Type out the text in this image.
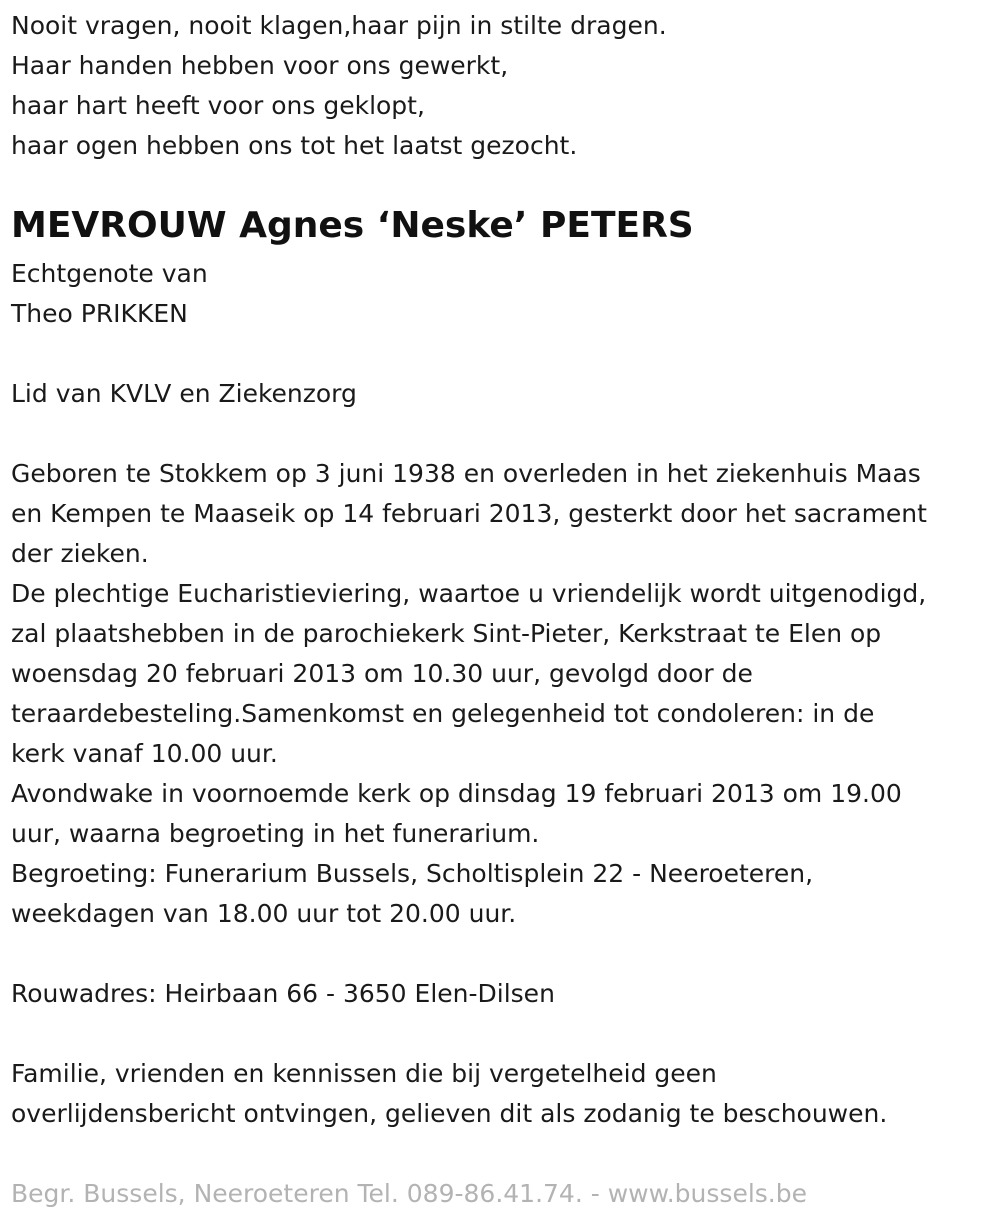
Nooit vragen, nooit klagen,haar pijn in stilte dragen.
Haar handen hebben voor ons gewerkt,
haar hart heeft voor ons geklopt,
haar ogen hebben ons tot het laatst gezocht.
MEVROUW Agnes ‘Neske’ PETERS
Echtgenote van
Theo PRIKKEN
Lid van KVLV en Ziekenzorg
Geboren te Stokkem op 3 juni 1938 en overleden in het ziekenhuis Maas
en Kempen te Maaseik op 14 februari 2013, gesterkt door het sacrament
der zieken.
De plechtige Eucharistieviering, waartoe u vriendelijk wordt uitgenodigd,
zal plaatshebben in de parochiekerk Sint-Pieter, Kerkstraat te Elen op
woensdag 20 februari 2013 om 10.30 uur, gevolgd door de
teraardebesteling.Samenkomst en gelegenheid tot condoleren: in de
kerk vanaf 10.00 uur.
Avondwake in voornoemde kerk op dinsdag 19 februari 2013 om 19.00
uur, waarna begroeting in het funerarium.
Begroeting: Funerarium Bussels, Scholtisplein 22 - Neeroeteren,
weekdagen van 18.00 uur tot 20.00 uur.
Rouwadres: Heirbaan 66 - 3650 Elen-Dilsen
Familie, vrienden en kennissen die bij vergetelheid geen
overlijdensbericht ontvingen, gelieven dit als zodanig te beschouwen.
Begr. Bussels, Neeroeteren Tel. 089-86.41.74. - www.bussels.be
